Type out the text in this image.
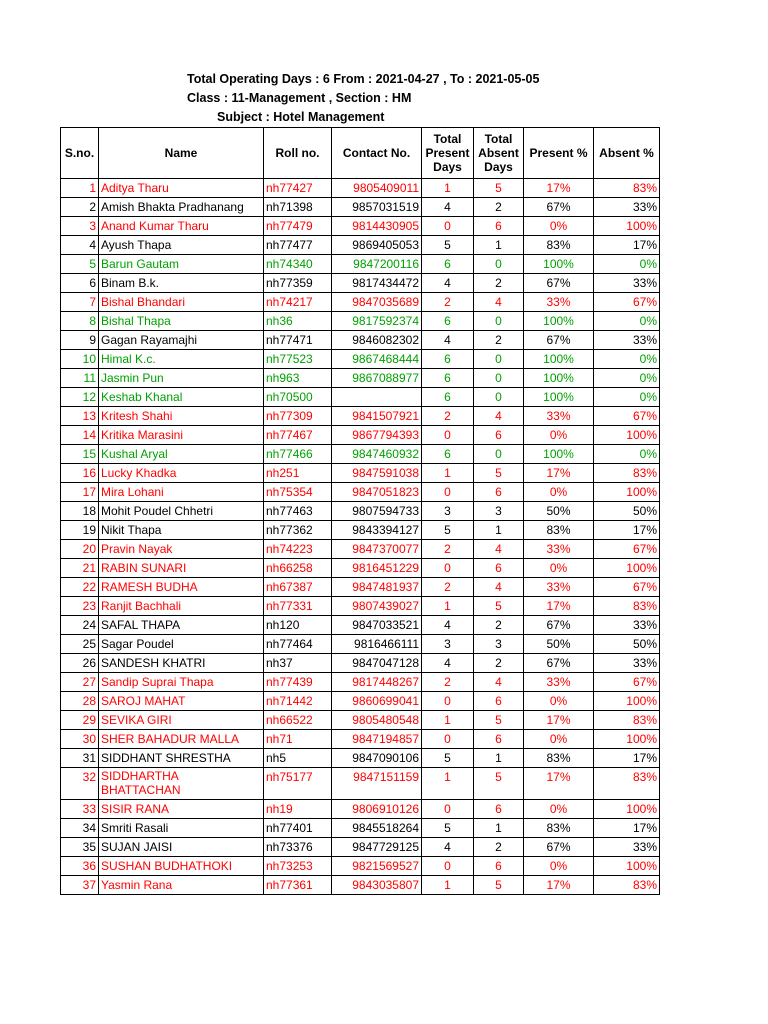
Total Operating Days : 6 From : 2021-04-27 , To : 2021-05-05
Class : 11-Management , Section : HM
Subject : Hotel Management
S.no.	Name	Roll no.	Contact No.	Total Present Days	Total Absent Days	Present %	Absent %
1	Aditya Tharu	nh77427	9805409011	1	5	17%	83%
2	Amish Bhakta Pradhanang	nh71398	9857031519	4	2	67%	33%
3	Anand Kumar Tharu	nh77479	9814430905	0	6	0%	100%
4	Ayush Thapa	nh77477	9869405053	5	1	83%	17%
5	Barun Gautam	nh74340	9847200116	6	0	100%	0%
6	Binam B.k.	nh77359	9817434472	4	2	67%	33%
7	Bishal Bhandari	nh74217	9847035689	2	4	33%	67%
8	Bishal Thapa	nh36	9817592374	6	0	100%	0%
9	Gagan Rayamajhi	nh77471	9846082302	4	2	67%	33%
10	Himal K.c.	nh77523	9867468444	6	0	100%	0%
11	Jasmin Pun	nh963	9867088977	6	0	100%	0%
12	Keshab Khanal	nh70500		6	0	100%	0%
13	Kritesh Shahi	nh77309	9841507921	2	4	33%	67%
14	Kritika Marasini	nh77467	9867794393	0	6	0%	100%
15	Kushal Aryal	nh77466	9847460932	6	0	100%	0%
16	Lucky Khadka	nh251	9847591038	1	5	17%	83%
17	Mira Lohani	nh75354	9847051823	0	6	0%	100%
18	Mohit Poudel Chhetri	nh77463	9807594733	3	3	50%	50%
19	Nikit Thapa	nh77362	9843394127	5	1	83%	17%
20	Pravin Nayak	nh74223	9847370077	2	4	33%	67%
21	RABIN SUNARI	nh66258	9816451229	0	6	0%	100%
22	RAMESH BUDHA	nh67387	9847481937	2	4	33%	67%
23	Ranjit Bachhali	nh77331	9807439027	1	5	17%	83%
24	SAFAL THAPA	nh120	9847033521	4	2	67%	33%
25	Sagar Poudel	nh77464	9816466111	3	3	50%	50%
26	SANDESH KHATRI	nh37	9847047128	4	2	67%	33%
27	Sandip Suprai Thapa	nh77439	9817448267	2	4	33%	67%
28	SAROJ MAHAT	nh71442	9860699041	0	6	0%	100%
29	SEVIKA GIRI	nh66522	9805480548	1	5	17%	83%
30	SHER BAHADUR MALLA	nh71	9847194857	0	6	0%	100%
31	SIDDHANT SHRESTHA	nh5	9847090106	5	1	83%	17%
32	SIDDHARTHA BHATTACHAN	nh75177	9847151159	1	5	17%	83%
33	SISIR RANA	nh19	9806910126	0	6	0%	100%
34	Smriti Rasali	nh77401	9845518264	5	1	83%	17%
35	SUJAN JAISI	nh73376	9847729125	4	2	67%	33%
36	SUSHAN BUDHATHOKI	nh73253	9821569527	0	6	0%	100%
37	Yasmin Rana	nh77361	9843035807	1	5	17%	83%
